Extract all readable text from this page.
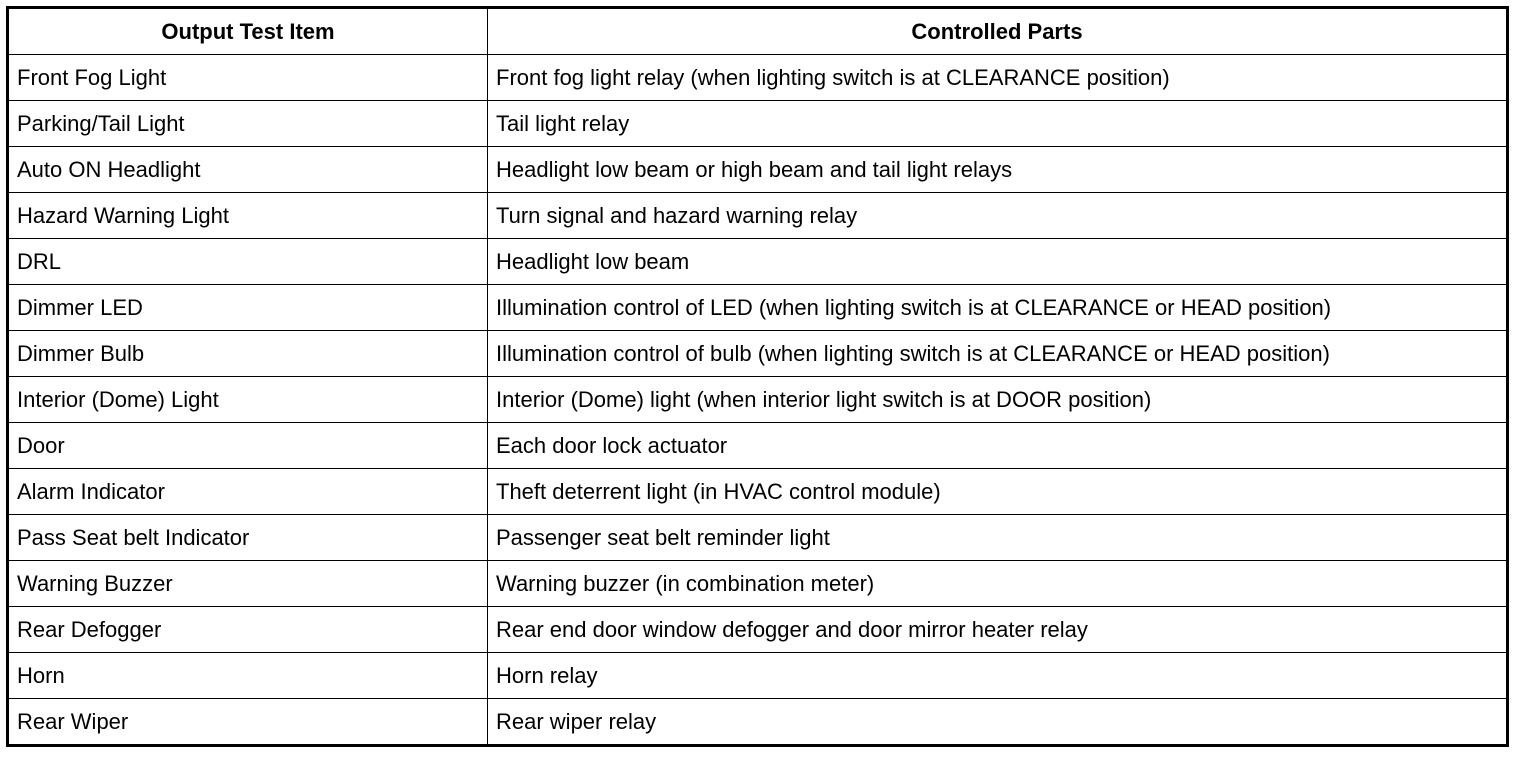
Output Test Item	Controlled Parts
Front Fog Light	Front fog light relay (when lighting switch is at CLEARANCE position)
Parking/Tail Light	Tail light relay
Auto ON Headlight	Headlight low beam or high beam and tail light relays
Hazard Warning Light	Turn signal and hazard warning relay
DRL	Headlight low beam
Dimmer LED	Illumination control of LED (when lighting switch is at CLEARANCE or HEAD position)
Dimmer Bulb	Illumination control of bulb (when lighting switch is at CLEARANCE or HEAD position)
Interior (Dome) Light	Interior (Dome) light (when interior light switch is at DOOR position)
Door	Each door lock actuator
Alarm Indicator	Theft deterrent light (in HVAC control module)
Pass Seat belt Indicator	Passenger seat belt reminder light
Warning Buzzer	Warning buzzer (in combination meter)
Rear Defogger	Rear end door window defogger and door mirror heater relay
Horn	Horn relay
Rear Wiper	Rear wiper relay
